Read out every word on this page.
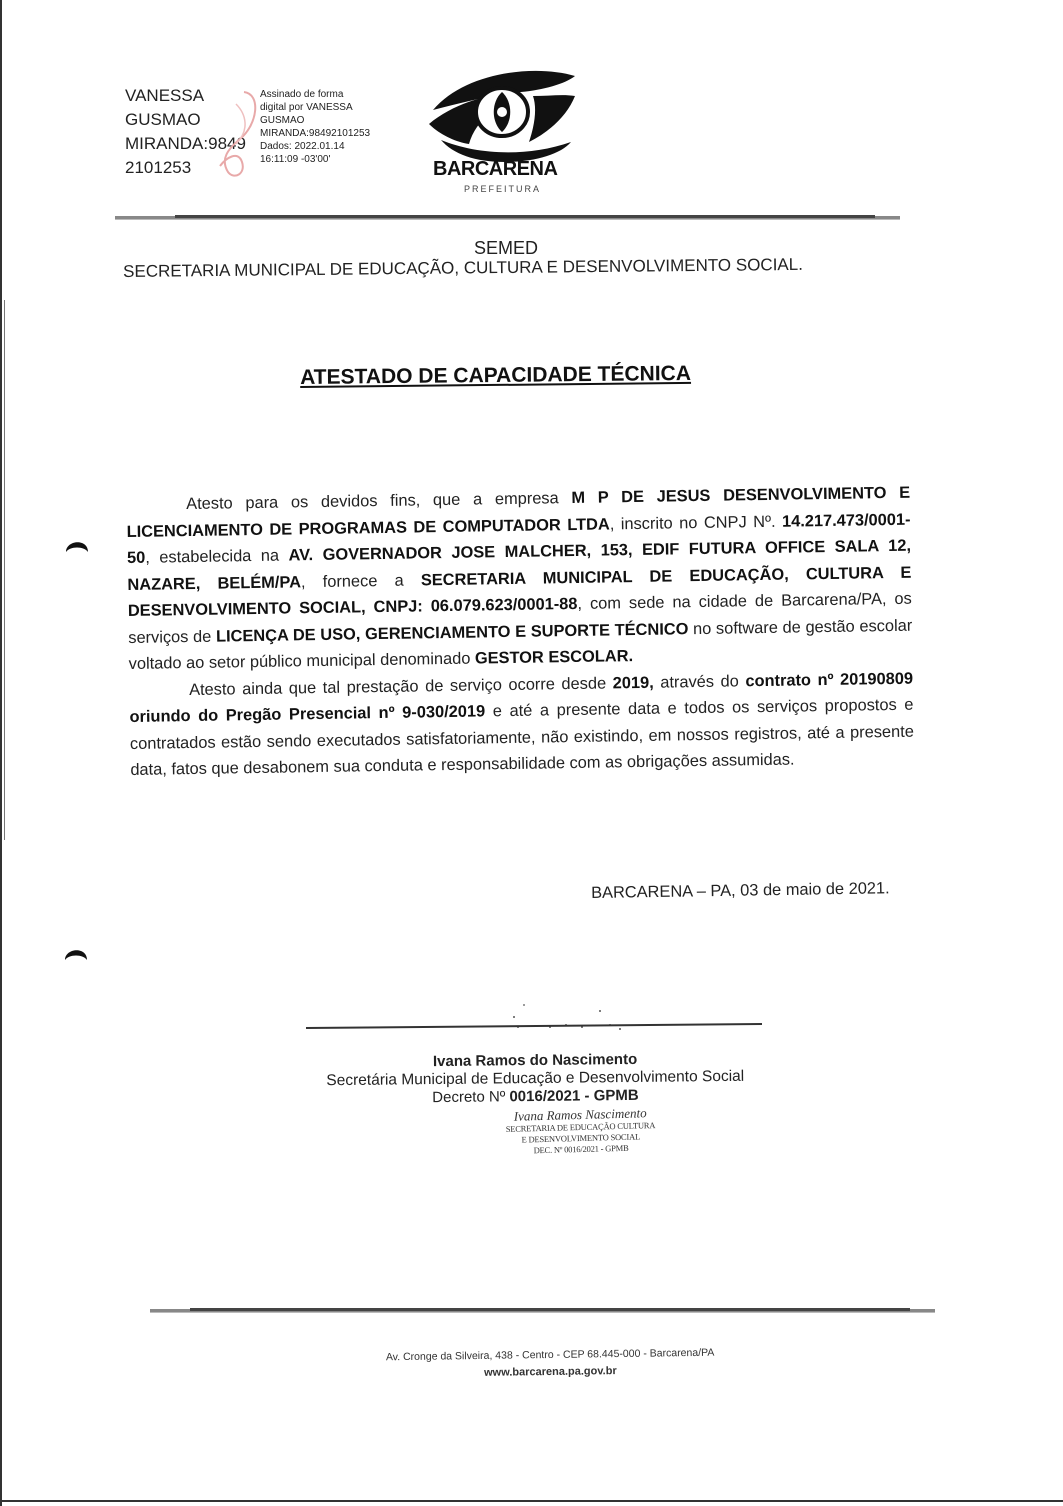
VANESSA
GUSMAO
MIRANDA:9849
2101253
Assinado de forma
digital por VANESSA
GUSMAO
MIRANDA:98492101253
Dados: 2022.01.14
16:11:09 -03'00'	BARCARENA
PREFEITURA
SEMED
SECRETARIA MUNICIPAL DE EDUCAÇÃO, CULTURA E DESENVOLVIMENTO SOCIAL.
ATESTADO DE CAPACIDADE TÉCNICA

Atesto para os devidos fins, que a empresa M P DE JESUS DESENVOLVIMENTO E LICENCIAMENTO DE PROGRAMAS DE COMPUTADOR LTDA, inscrito no CNPJ Nº. 14.217.473/0001-50, estabelecida na AV. GOVERNADOR JOSE MALCHER, 153, EDIF FUTURA OFFICE SALA 12, NAZARE, BELÉM/PA, fornece a SECRETARIA MUNICIPAL DE EDUCAÇÃO, CULTURA E DESENVOLVIMENTO SOCIAL, CNPJ: 06.079.623/0001-88, com sede na cidade de Barcarena/PA, os serviços de LICENÇA DE USO, GERENCIAMENTO E SUPORTE TÉCNICO no software de gestão escolar voltado ao setor público municipal denominado GESTOR ESCOLAR.

Atesto ainda que tal prestação de serviço ocorre desde 2019, através do contrato nº 20190809 oriundo do Pregão Presencial nº 9-030/2019 e até a presente data e todos os serviços propostos e contratados estão sendo executados satisfatoriamente, não existindo, em nossos registros, até a presente data, fatos que desabonem sua conduta e responsabilidade com as obrigações assumidas.

BARCARENA – PA, 03 de maio de 2021.
Ivana Ramos do Nascimento
Secretária Municipal de Educação e Desenvolvimento Social
Decreto Nº 0016/2021 - GPMB
Ivana Ramos Nascimento
SECRETARIA DE EDUCAÇÃO CULTURA
E DESENVOLVIMENTO SOCIAL
DEC. Nº 0016/2021 - GPMB
Av. Cronge da Silveira, 438 - Centro - CEP 68.445-000 - Barcarena/PA
www.barcarena.pa.gov.br
